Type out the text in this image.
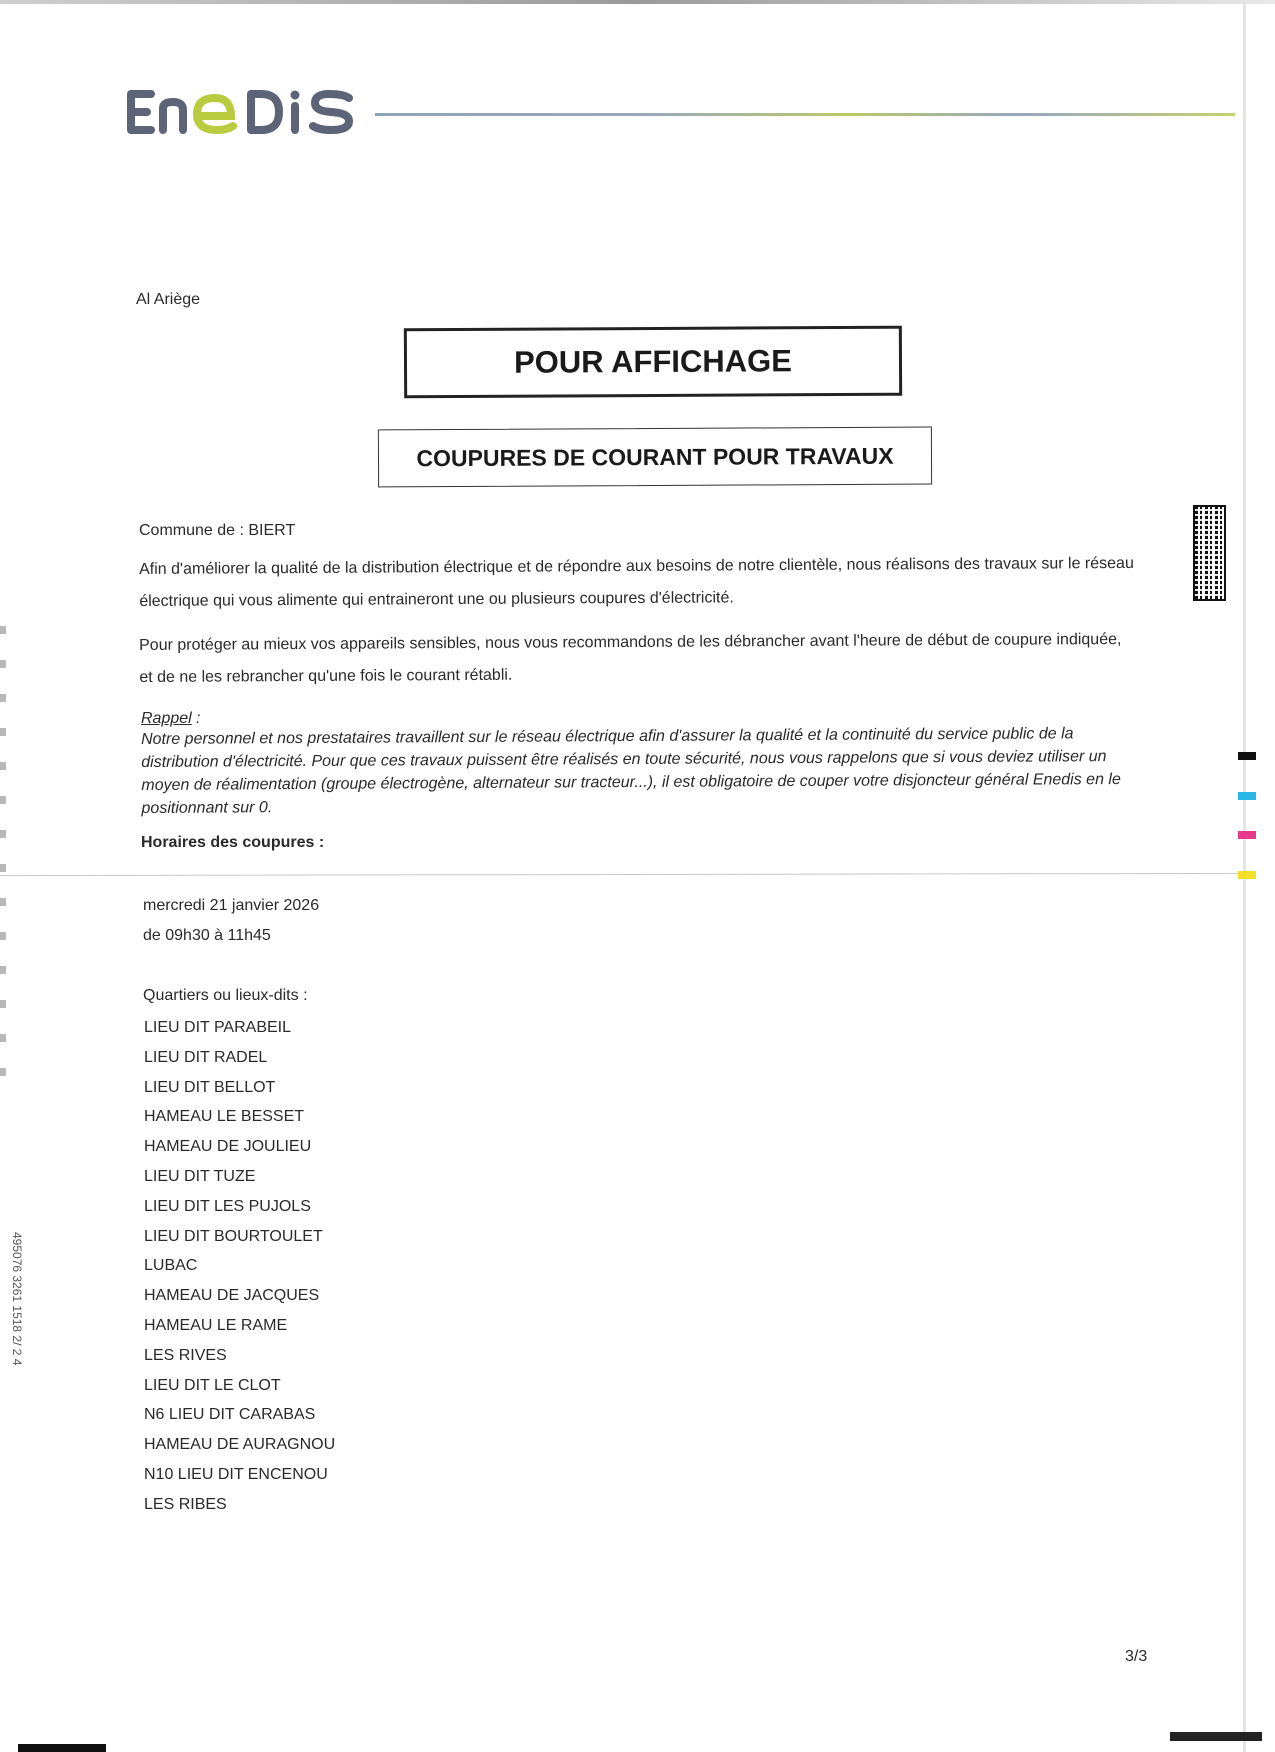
Al Ariège
POUR AFFICHAGE
COUPURES DE COURANT POUR TRAVAUX
Commune de : BIERT
Afin d'améliorer la qualité de la distribution électrique et de répondre aux besoins de notre clientèle, nous réalisons des travaux sur le réseau électrique qui vous alimente qui entraineront une ou plusieurs coupures d'électricité.
Pour protéger au mieux vos appareils sensibles, nous vous recommandons de les débrancher avant l'heure de début de coupure indiquée, et de ne les rebrancher qu'une fois le courant rétabli.
Rappel :
Notre personnel et nos prestataires travaillent sur le réseau électrique afin d'assurer la qualité et la continuité du service public de la distribution d'électricité. Pour que ces travaux puissent être réalisés en toute sécurité, nous vous rappelons que si vous deviez utiliser un moyen de réalimentation (groupe électrogène, alternateur sur tracteur...), il est obligatoire de couper votre disjoncteur général Enedis en le positionnant sur 0.
Horaires des coupures :
mercredi 21 janvier 2026
de 09h30 à 11h45
Quartiers ou lieux-dits :
LIEU DIT PARABEIL
LIEU DIT RADEL
LIEU DIT BELLOT
HAMEAU LE BESSET
HAMEAU DE JOULIEU
LIEU DIT TUZE
LIEU DIT LES PUJOLS
LIEU DIT BOURTOULET
LUBAC
HAMEAU DE JACQUES
HAMEAU LE RAME
LES RIVES
LIEU DIT LE CLOT
N6 LIEU DIT CARABAS
HAMEAU DE AURAGNOU
N10 LIEU DIT ENCENOU
LES RIBES
3/3
495076 3261 1518 2/ 2 4
